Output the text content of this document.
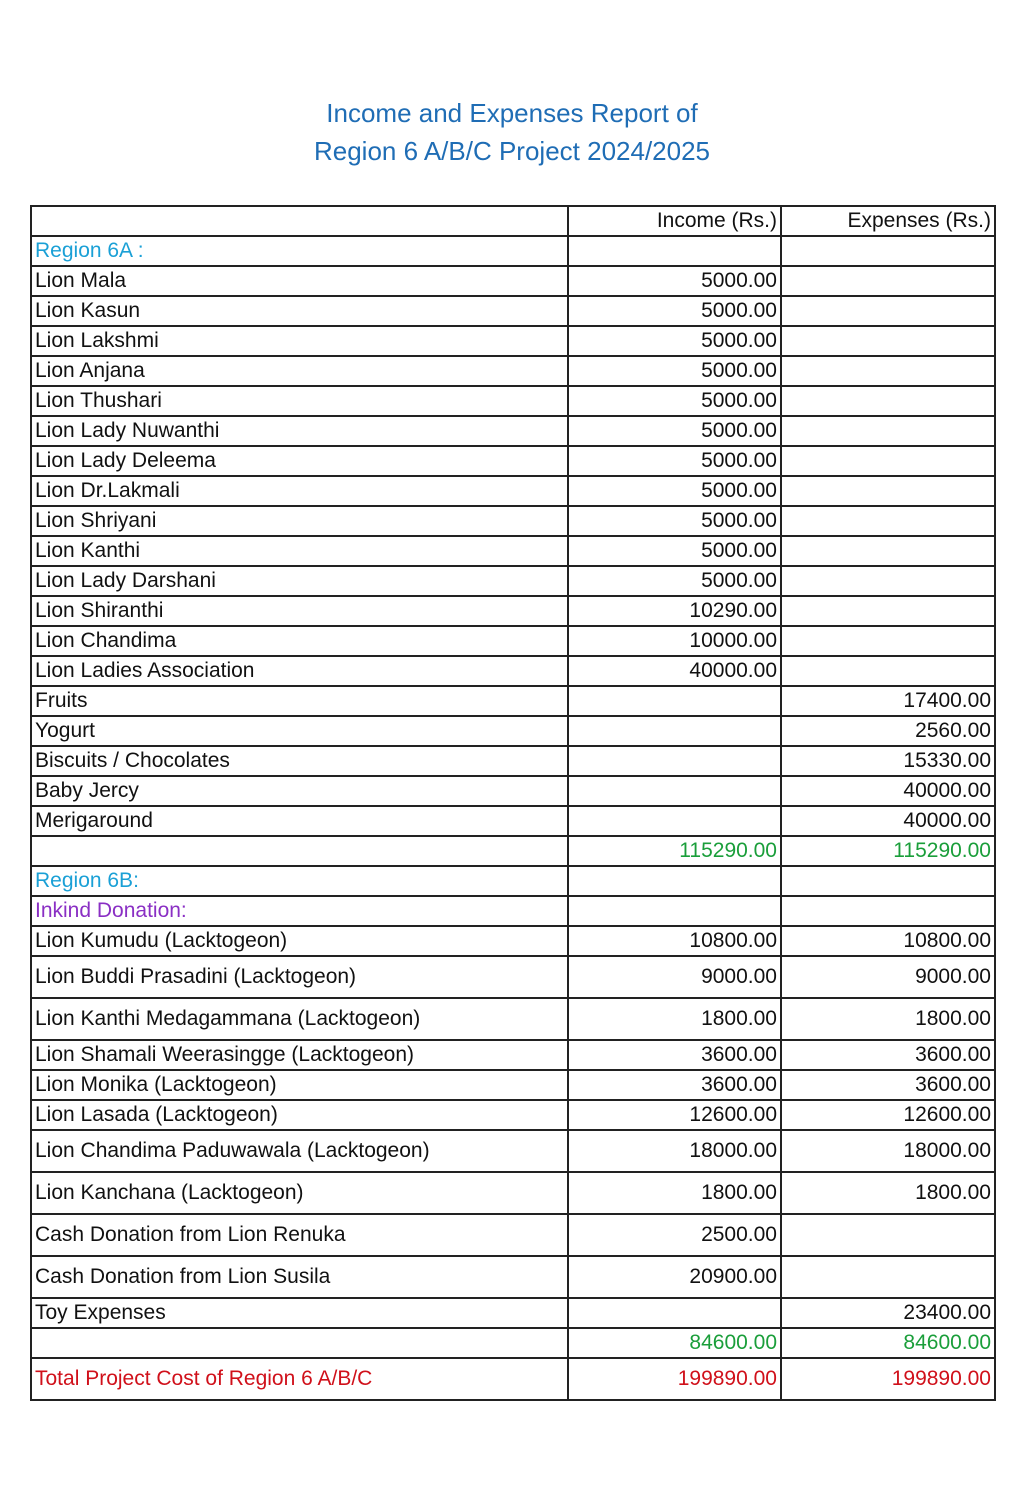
Income and Expenses Report of
Region 6 A/B/C Project 2024/2025
	Income (Rs.)	Expenses (Rs.)
Region 6A :		
Lion Mala	5000.00	
Lion Kasun	5000.00	
Lion Lakshmi	5000.00	
Lion Anjana	5000.00	
Lion Thushari	5000.00	
Lion Lady Nuwanthi	5000.00	
Lion Lady Deleema	5000.00	
Lion Dr.Lakmali	5000.00	
Lion Shriyani	5000.00	
Lion Kanthi	5000.00	
Lion Lady Darshani	5000.00	
Lion Shiranthi	10290.00	
Lion Chandima	10000.00	
Lion Ladies Association	40000.00	
Fruits		17400.00
Yogurt		2560.00
Biscuits / Chocolates		15330.00
Baby Jercy		40000.00
Merigaround		40000.00
	115290.00	115290.00
Region 6B:		
Inkind Donation:		
Lion Kumudu (Lacktogeon)	10800.00	10800.00
Lion Buddi Prasadini (Lacktogeon)	9000.00	9000.00
Lion Kanthi Medagammana (Lacktogeon)	1800.00	1800.00
Lion Shamali Weerasingge (Lacktogeon)	3600.00	3600.00
Lion Monika (Lacktogeon)	3600.00	3600.00
Lion Lasada (Lacktogeon)	12600.00	12600.00
Lion Chandima Paduwawala (Lacktogeon)	18000.00	18000.00
Lion Kanchana (Lacktogeon)	1800.00	1800.00
Cash Donation from Lion Renuka	2500.00	
Cash Donation from Lion Susila	20900.00	
Toy Expenses		23400.00
	84600.00	84600.00
Total Project Cost of Region 6 A/B/C	199890.00	199890.00
